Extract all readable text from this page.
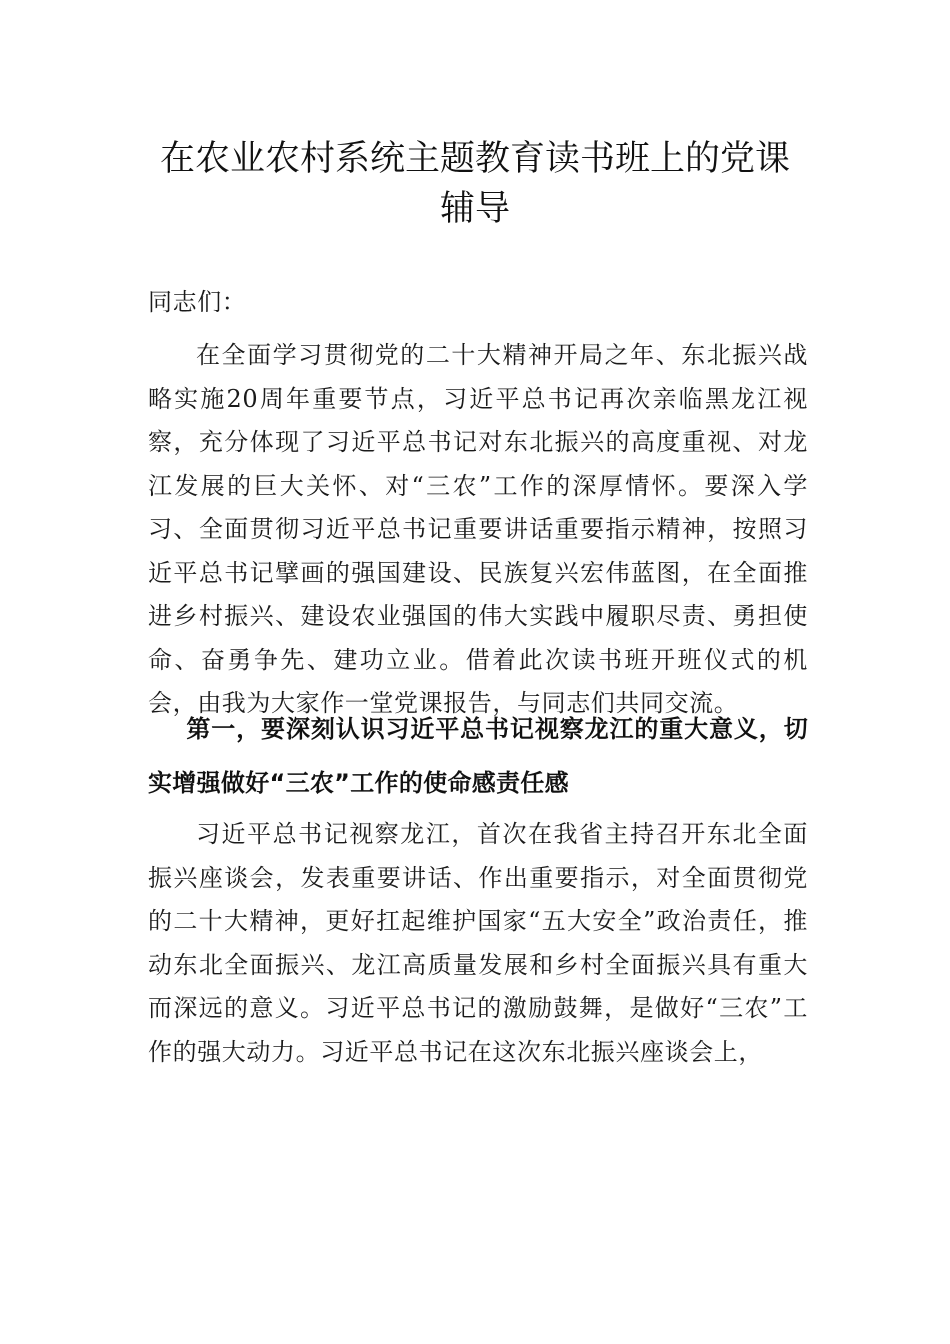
在农业农村系统主题教育读书班上的党课
辅导
同志们：
在全面学习贯彻党的二十大精神开局之年、东北振兴战略实施20周年重要节点，习近平总书记再次亲临黑龙江视察，充分体现了习近平总书记对东北振兴的高度重视、对龙江发展的巨大关怀、对“三农”工作的深厚情怀。要深入学习、全面贯彻习近平总书记重要讲话重要指示精神，按照习近平总书记擘画的强国建设、民族复兴宏伟蓝图，在全面推进乡村振兴、建设农业强国的伟大实践中履职尽责、勇担使命、奋勇争先、建功立业。借着此次读书班开班仪式的机会，由我为大家作一堂党课报告，与同志们共同交流。
第一，要深刻认识习近平总书记视察龙江的重大意义，切实增强做好“三农”工作的使命感责任感
习近平总书记视察龙江，首次在我省主持召开东北全面振兴座谈会，发表重要讲话、作出重要指示，对全面贯彻党的二十大精神，更好扛起维护国家“五大安全”政治责任，推动东北全面振兴、龙江高质量发展和乡村全面振兴具有重大而深远的意义。习近平总书记的激励鼓舞，是做好“三农”工作的强大动力。习近平总书记在这次东北振兴座谈会上，
